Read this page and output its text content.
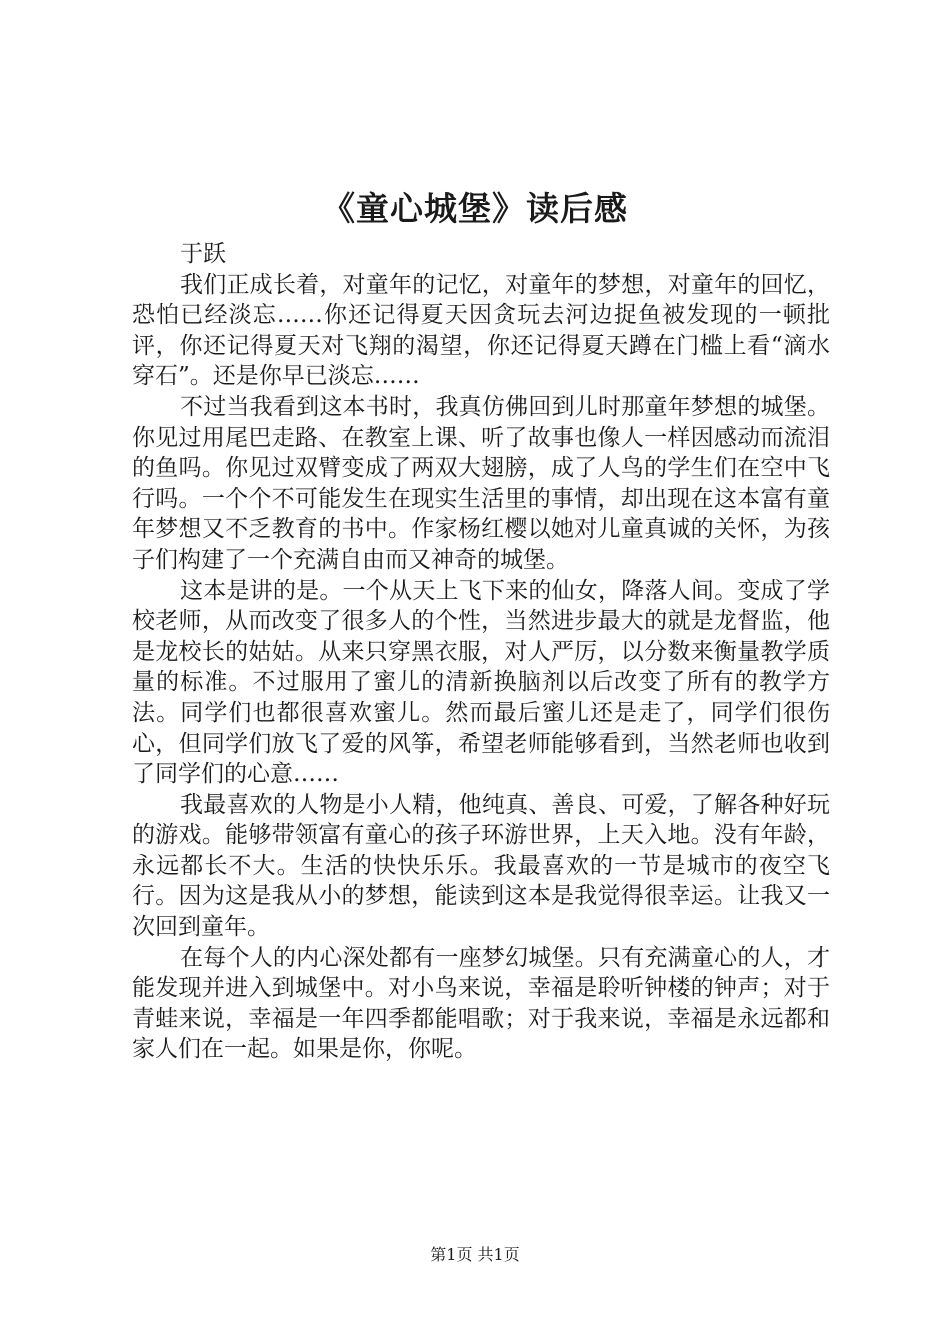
《童心城堡》读后感

于跃

我们正成长着，对童年的记忆，对童年的梦想，对童年的回忆，恐怕已经淡忘……你还记得夏天因贪玩去河边捉鱼被发现的一顿批评，你还记得夏天对飞翔的渴望，你还记得夏天蹲在门槛上看“滴水穿石”。还是你早已淡忘……

不过当我看到这本书时，我真仿佛回到儿时那童年梦想的城堡。你见过用尾巴走路、在教室上课、听了故事也像人一样因感动而流泪的鱼吗。你见过双臂变成了两双大翅膀，成了人鸟的学生们在空中飞行吗。一个个不可能发生在现实生活里的事情，却出现在这本富有童年梦想又不乏教育的书中。作家杨红樱以她对儿童真诚的关怀，为孩子们构建了一个充满自由而又神奇的城堡。

这本是讲的是。一个从天上飞下来的仙女，降落人间。变成了学校老师，从而改变了很多人的个性，当然进步最大的就是龙督监，他是龙校长的姑姑。从来只穿黑衣服，对人严厉，以分数来衡量教学质量的标准。不过服用了蜜儿的清新换脑剂以后改变了所有的教学方法。同学们也都很喜欢蜜儿。然而最后蜜儿还是走了，同学们很伤心，但同学们放飞了爱的风筝，希望老师能够看到，当然老师也收到了同学们的心意……

我最喜欢的人物是小人精，他纯真、善良、可爱，了解各种好玩的游戏。能够带领富有童心的孩子环游世界，上天入地。没有年龄，永远都长不大。生活的快快乐乐。我最喜欢的一节是城市的夜空飞行。因为这是我从小的梦想，能读到这本是我觉得很幸运。让我又一次回到童年。

在每个人的内心深处都有一座梦幻城堡。只有充满童心的人，才能发现并进入到城堡中。对小鸟来说，幸福是聆听钟楼的钟声；对于青蛙来说，幸福是一年四季都能唱歌；对于我来说，幸福是永远都和家人们在一起。如果是你，你呢。

第1页 共1页
